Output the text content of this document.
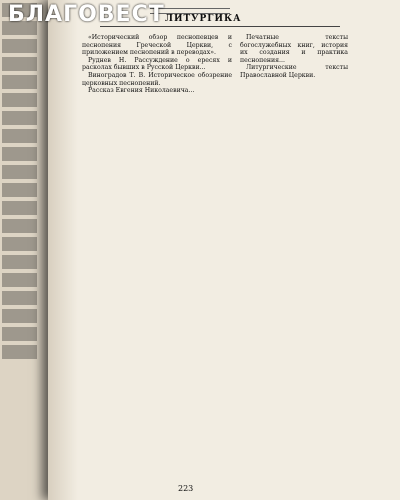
БЛАГОВЕСТ ЛИТУРГИКА

«Исторический обзор песнопевцев и песнопения Греческой Церкви, с приложением песнопений в переводах».

Руднев Н. Рассуждение о ересях и расколах бывших в Русской Церкви...

Виноградов Т. В. Историческое обозрение церковных песнопений.

Рассказ Евгения Николаевича...

Печатные тексты богослужебных книг, история их создания и практика песнопения...

Литургические тексты Православной Церкви.

223
